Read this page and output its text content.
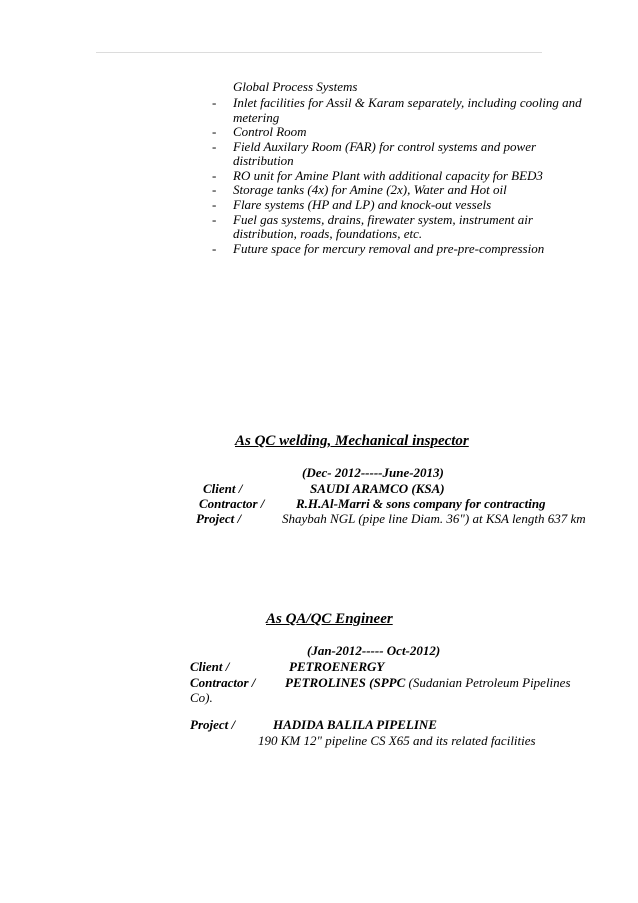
Global Process Systems
- Inlet facilities for Assil & Karam separately, including cooling and
metering
- Control Room
- Field Auxilary Room (FAR) for control systems and power
distribution
- RO unit for Amine Plant with additional capacity for BED3
- Storage tanks (4x) for Amine (2x), Water and Hot oil
- Flare systems (HP and LP) and knock-out vessels
- Fuel gas systems, drains, firewater system, instrument air
distribution, roads, foundations, etc.
- Future space for mercury removal and pre-pre-compression
As QC welding, Mechanical inspector
(Dec- 2012-----June-2013)
Client /	SAUDI ARAMCO (KSA)
Contractor / R.H.Al-Marri & sons company for contracting
Project /	Shaybah NGL (pipe line Diam. 36") at KSA length 637 km
As QA/QC Engineer
(Jan-2012----- Oct-2012)
Client /	PETROENERGY
Contractor / PETROLINES (SPPC (Sudanian Petroleum Pipelines
Co).
Project /	HADIDA BALILA PIPELINE
190 KM 12" pipeline CS X65 and its related facilities
